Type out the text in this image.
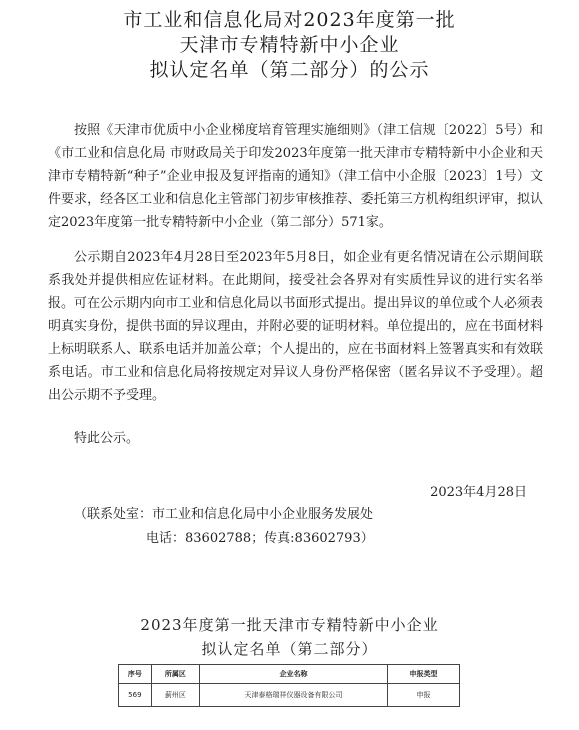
市工业和信息化局对2023年度第一批
天津市专精特新中小企业
拟认定名单（第二部分）的公示

按照《天津市优质中小企业梯度培育管理实施细则》（津工信规〔2022〕5号）和《市工业和信息化局 市财政局关于印发2023年度第一批天津市专精特新中小企业和天津市专精特新“种子”企业申报及复评指南的通知》（津工信中小企服〔2023〕1号）文件要求，经各区工业和信息化主管部门初步审核推荐、委托第三方机构组织评审，拟认定2023年度第一批专精特新中小企业（第二部分）571家。

公示期自2023年4月28日至2023年5月8日，如企业有更名情况请在公示期间联系我处并提供相应佐证材料。在此期间，接受社会各界对有实质性异议的进行实名举报。可在公示期内向市工业和信息化局以书面形式提出。提出异议的单位或个人必须表明真实身份，提供书面的异议理由，并附必要的证明材料。单位提出的，应在书面材料上标明联系人、联系电话并加盖公章；个人提出的，应在书面材料上签署真实和有效联系电话。市工业和信息化局将按规定对异议人身份严格保密（匿名异议不予受理）。超出公示期不予受理。

特此公示。

2023年4月28日
（联系处室：市工业和信息化局中小企业服务发展处
电话：83602788；传真:83602793）
2023年度第一批天津市专精特新中小企业
拟认定名单（第二部分）
序号	所属区	企业名称	申报类型
569	蓟州区	天津泰格瑞祥仪器设备有限公司	申报
